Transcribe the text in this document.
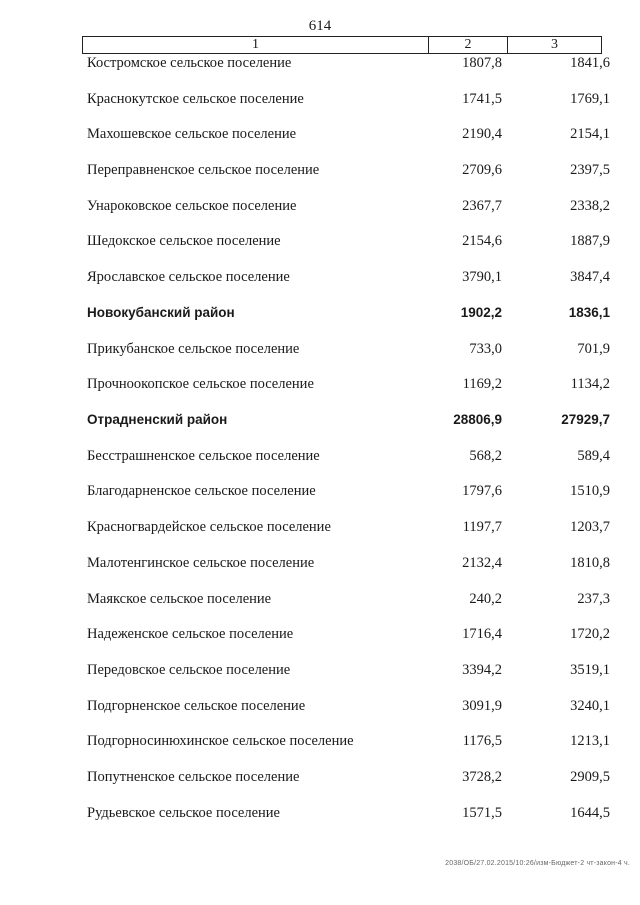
614
1	2	3
Костромское сельское поселение	1807,8	1841,6
Краснокутское сельское поселение	1741,5	1769,1
Махошевское сельское поселение	2190,4	2154,1
Переправненское сельское поселение	2709,6	2397,5
Унароковское сельское поселение	2367,7	2338,2
Шедокское сельское поселение	2154,6	1887,9
Ярославское сельское поселение	3790,1	3847,4
Новокубанский район	1902,2	1836,1
Прикубанское сельское поселение	733,0	701,9
Прочноокопское сельское поселение	1169,2	1134,2
Отрадненский район	28806,9	27929,7
Бесстрашненское сельское поселение	568,2	589,4
Благодарненское сельское поселение	1797,6	1510,9
Красногвардейское сельское поселение	1197,7	1203,7
Малотенгинское сельское поселение	2132,4	1810,8
Маякское сельское поселение	240,2	237,3
Надеженское сельское поселение	1716,4	1720,2
Передовское сельское поселение	3394,2	3519,1
Подгорненское сельское поселение	3091,9	3240,1
Подгорносинюхинское сельское поселение	1176,5	1213,1
Попутненское сельское поселение	3728,2	2909,5
Рудьевское сельское поселение	1571,5	1644,5
2038/ОБ/27.02.2015/10:26/изм-Бюджет-2 чт-закон-4 ч.
